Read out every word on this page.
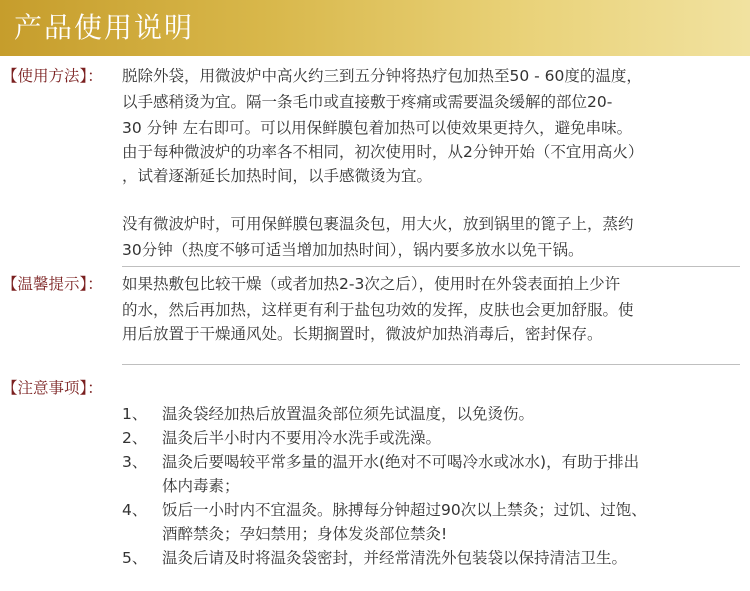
产品使用说明
【使用方法】： 脱除外袋，用微波炉中高火约三到五分钟将热疗包加热至50 - 60度的温度，
以手感稍烫为宜。隔一条毛巾或直接敷于疼痛或需要温灸缓解的部位20-
30 分钟 左右即可。可以用保鲜膜包着加热可以使效果更持久，避免串味。
由于每种微波炉的功率各不相同，初次使用时，从2分钟开始（不宜用高火）
，试着逐渐延长加热时间，以手感微烫为宜。
没有微波炉时，可用保鲜膜包裹温灸包，用大火，放到锅里的篦子上，蒸约
30分钟（热度不够可适当增加加热时间），锅内要多放水以免干锅。
【温馨提示】： 如果热敷包比较干燥（或者加热2-3次之后），使用时在外袋表面拍上少许
的水，然后再加热，这样更有利于盐包功效的发挥，皮肤也会更加舒服。使
用后放置于干燥通风处。长期搁置时，微波炉加热消毒后，密封保存。
【注意事项】：
1、 温灸袋经加热后放置温灸部位须先试温度，以免烫伤。
2、 温灸后半小时内不要用冷水洗手或洗澡。
3、 温灸后要喝较平常多量的温开水(绝对不可喝冷水或冰水)，有助于排出
体内毒素；
4、 饭后一小时内不宜温灸。脉搏每分钟超过90次以上禁灸；过饥、过饱、
酒醉禁灸；孕妇禁用；身体发炎部位禁灸!
5、 温灸后请及时将温灸袋密封，并经常清洗外包装袋以保持清洁卫生。
